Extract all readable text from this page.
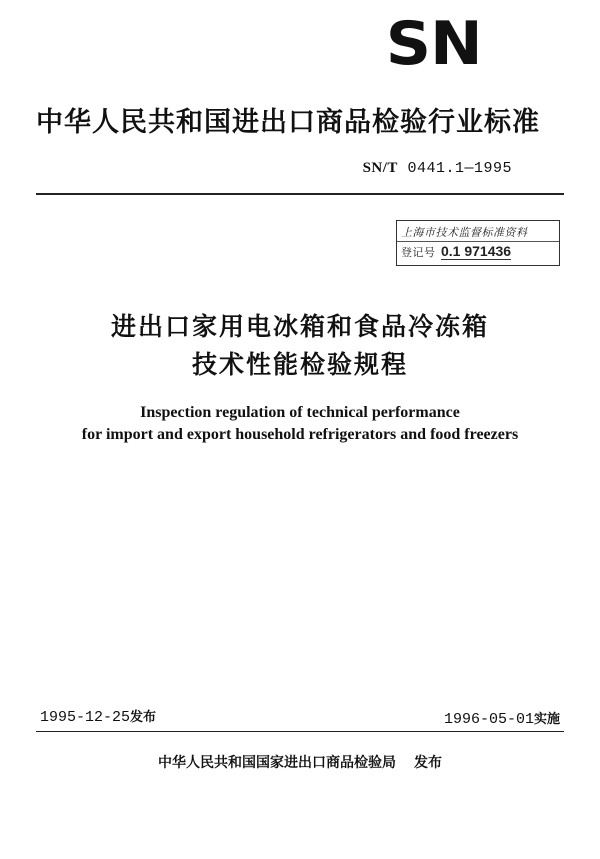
SN
中华人民共和国进出口商品检验行业标准
SN/T 0441.1—1995
上海市技术监督标准资料
登记号 0.1 971436
进出口家用电冰箱和食品冷冻箱
技术性能检验规程
Inspection regulation of technical performance
for import and export household refrigerators and food freezers
1995-12-25发布	1996-05-01实施
中华人民共和国国家进出口商品检验局 发布
